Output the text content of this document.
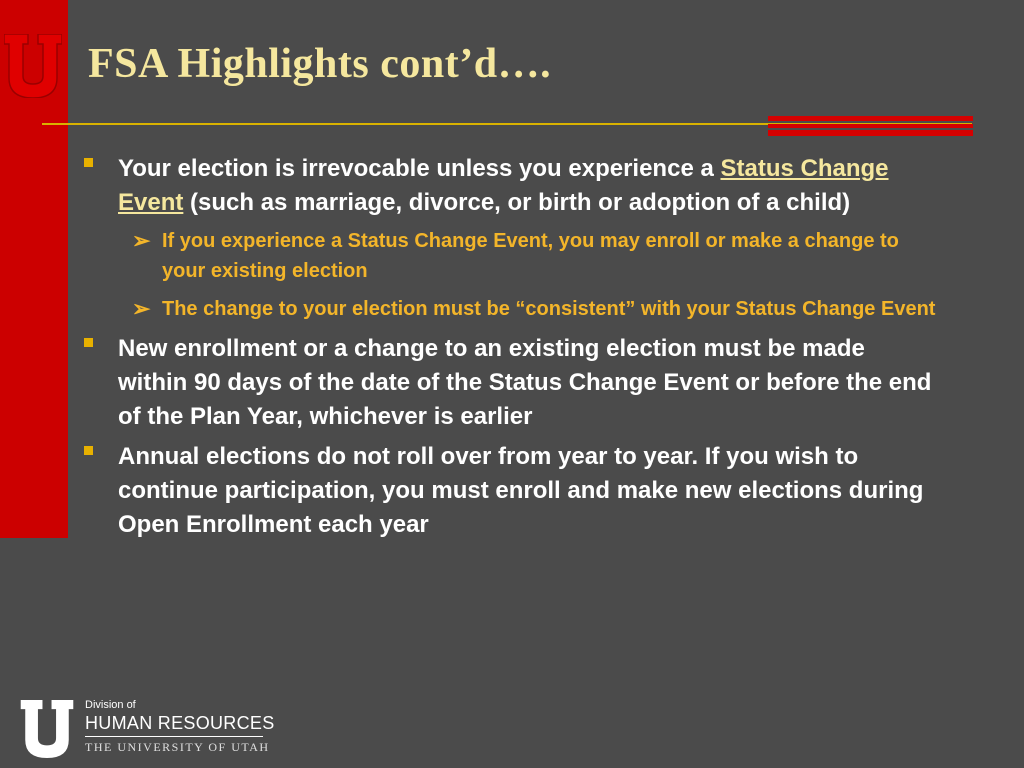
FSA Highlights cont’d….
Your election is irrevocable unless you experience a Status Change Event (such as marriage, divorce, or birth or adoption of a child)
➢ If you experience a Status Change Event, you may enroll or make a change to your existing election
➢ The change to your election must be “consistent” with your Status Change Event
New enrollment or a change to an existing election must be made within 90 days of the date of the Status Change Event or before the end of the Plan Year, whichever is earlier
Annual elections do not roll over from year to year. If you wish to continue participation, you must enroll and make new elections during Open Enrollment each year
Division of
HUMAN RESOURCES
THE UNIVERSITY OF UTAH
